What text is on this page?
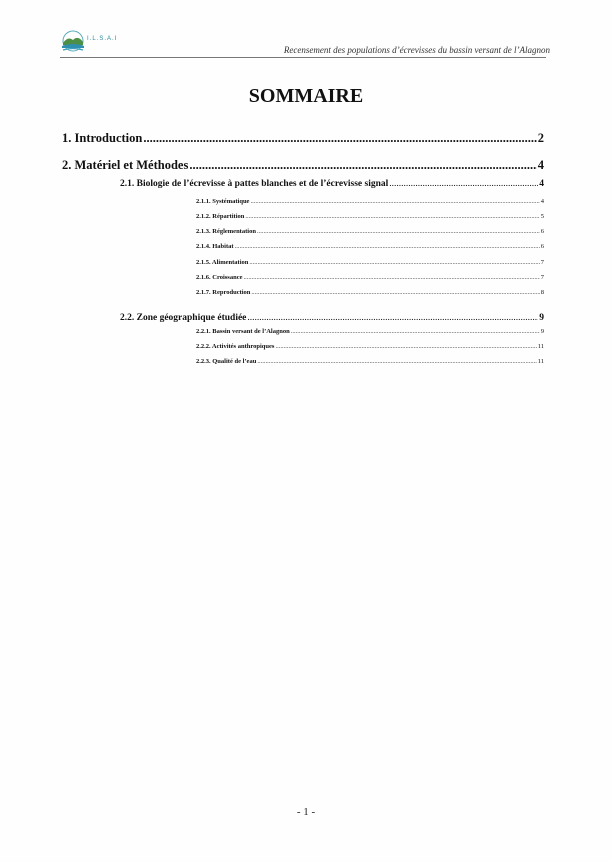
I.L.S.A.I
Recensement des populations d’écrevisses du bassin versant de l’Alagnon
SOMMAIRE
1. Introduction .....	2
2. Matériel et Méthodes .....	4
2.1. Biologie de l’écrevisse à pattes blanches et de l’écrevisse signal .....	4
2.1.1. Systématique .....	4
2.1.2. Répartition .....	5
2.1.3. Réglementation .....	6
2.1.4. Habitat .....	6
2.1.5. Alimentation .....	7
2.1.6. Croissance .....	7
2.1.7. Reproduction .....	8
2.2. Zone géographique étudiée .....	9
2.2.1. Bassin versant de l’Alagnon .....	9
2.2.2. Activités anthropiques .....	11
2.2.3. Qualité de l’eau .....	11
- 1 -
